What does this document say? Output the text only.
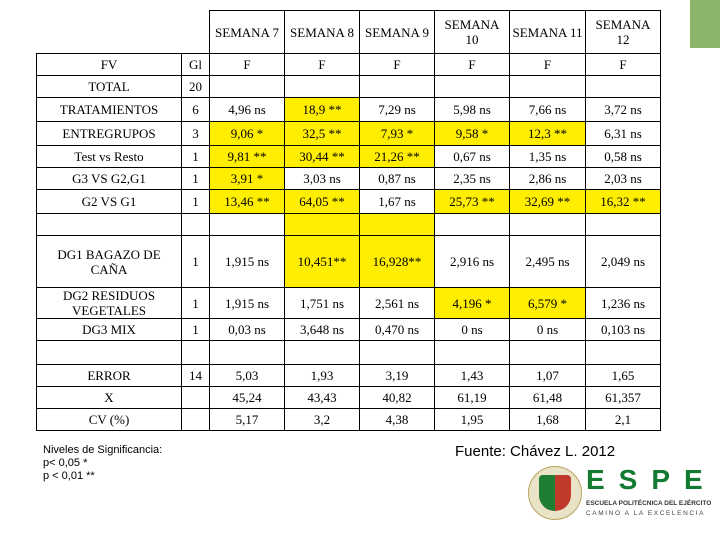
		SEMANA 7	SEMANA 8	SEMANA 9	SEMANA 10	SEMANA 11	SEMANA 12
FV	Gl	F	F	F	F	F	F
TOTAL	20						
TRATAMIENTOS	6	4,96 ns	18,9 **	7,29 ns	5,98 ns	7,66 ns	3,72 ns
ENTREGRUPOS	3	9,06 *	32,5 **	7,93 *	9,58 *	12,3 **	6,31 ns
Test vs Resto	1	9,81 **	30,44 **	21,26 **	0,67 ns	1,35 ns	0,58 ns
G3 VS G2,G1	1	3,91 *	3,03 ns	0,87 ns	2,35 ns	2,86 ns	2,03 ns
G2 VS G1	1	13,46 **	64,05 **	1,67 ns	25,73 **	32,69 **	16,32 **

DG1 BAGAZO DE CAÑA	1	1,915 ns	10,451**	16,928**	2,916 ns	2,495 ns	2,049 ns
DG2 RESIDUOS VEGETALES	1	1,915 ns	1,751 ns	2,561 ns	4,196 *	6,579 *	1,236 ns
DG3 MIX	1	0,03 ns	3,648 ns	0,470 ns	0 ns	0 ns	0,103 ns

ERROR	14	5,03	1,93	3,19	1,43	1,07	1,65
X		45,24	43,43	40,82	61,19	61,48	61,357
CV (%)		5,17	3,2	4,38	1,95	1,68	2,1
Niveles de Significancia:
p< 0,05 *
p < 0,01 **
Fuente: Chávez L. 2012
ESPE
ESCUELA POLITÉCNICA DEL EJÉRCITO
CAMINO A LA EXCELENCIA
